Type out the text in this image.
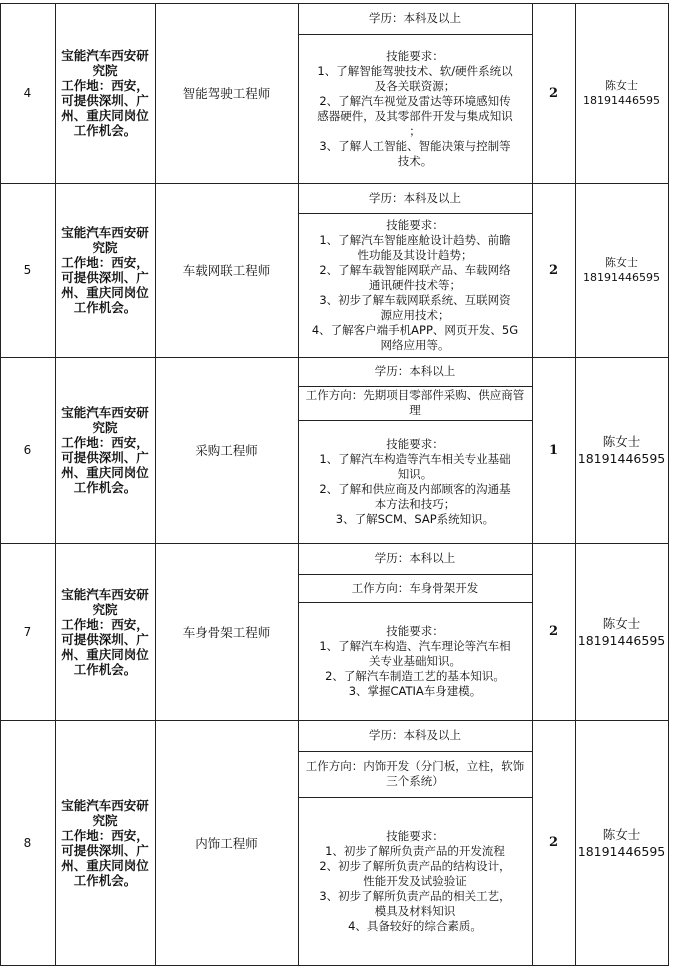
4
宝能汽车西安研
究院
工作地：西安，
可提供深圳、广
州、重庆同岗位
工作机会。
智能驾驶工程师
学历：本科及以上

技能要求：

1、了解智能驾驶技术、软/硬件系统以

及各关联资源；

2、了解汽车视觉及雷达等环境感知传

感器硬件，及其零部件开发与集成知识

；

3、了解人工智能、智能决策与控制等

技术。

2	陈女士
18191446595
5
宝能汽车西安研
究院
工作地：西安，
可提供深圳、广
州、重庆同岗位
工作机会。
车载网联工程师
学历：本科及以上

技能要求：

1、了解汽车智能座舱设计趋势、前瞻

性功能及其设计趋势；

2、了解车载智能网联产品、车载网络

通讯硬件技术等；

3、初步了解车载网联系统、互联网资

源应用技术；

4、了解客户端手机APP、网页开发、5G

网络应用等。

2	陈女士
18191446595
6
宝能汽车西安研
究院
工作地：西安，
可提供深圳、广
州、重庆同岗位
工作机会。
采购工程师
学历：本科以上
工作方向：先期项目零部件采购、供应商管理

技能要求：

1、了解汽车构造等汽车相关专业基础

知识。

2、了解和供应商及内部顾客的沟通基

本方法和技巧；

3、了解SCM、SAP系统知识。

1
陈女士
18191446595
7
宝能汽车西安研
究院
工作地：西安，
可提供深圳、广
州、重庆同岗位
工作机会。
车身骨架工程师
学历：本科以上
工作方向：车身骨架开发

技能要求：

1、了解汽车构造、汽车理论等汽车相

关专业基础知识。

2、了解汽车制造工艺的基本知识。

3、掌握CATIA车身建模。

2
陈女士
18191446595
8
宝能汽车西安研
究院
工作地：西安，
可提供深圳、广
州、重庆同岗位
工作机会。
内饰工程师
学历：本科及以上
工作方向：内饰开发（分门板，立柱，软饰三个系统）

技能要求：

1、初步了解所负责产品的开发流程

2、初步了解所负责产品的结构设计，

性能开发及试验验证

3、初步了解所负责产品的相关工艺，

模具及材料知识

4、具备较好的综合素质。

2
陈女士
18191446595
